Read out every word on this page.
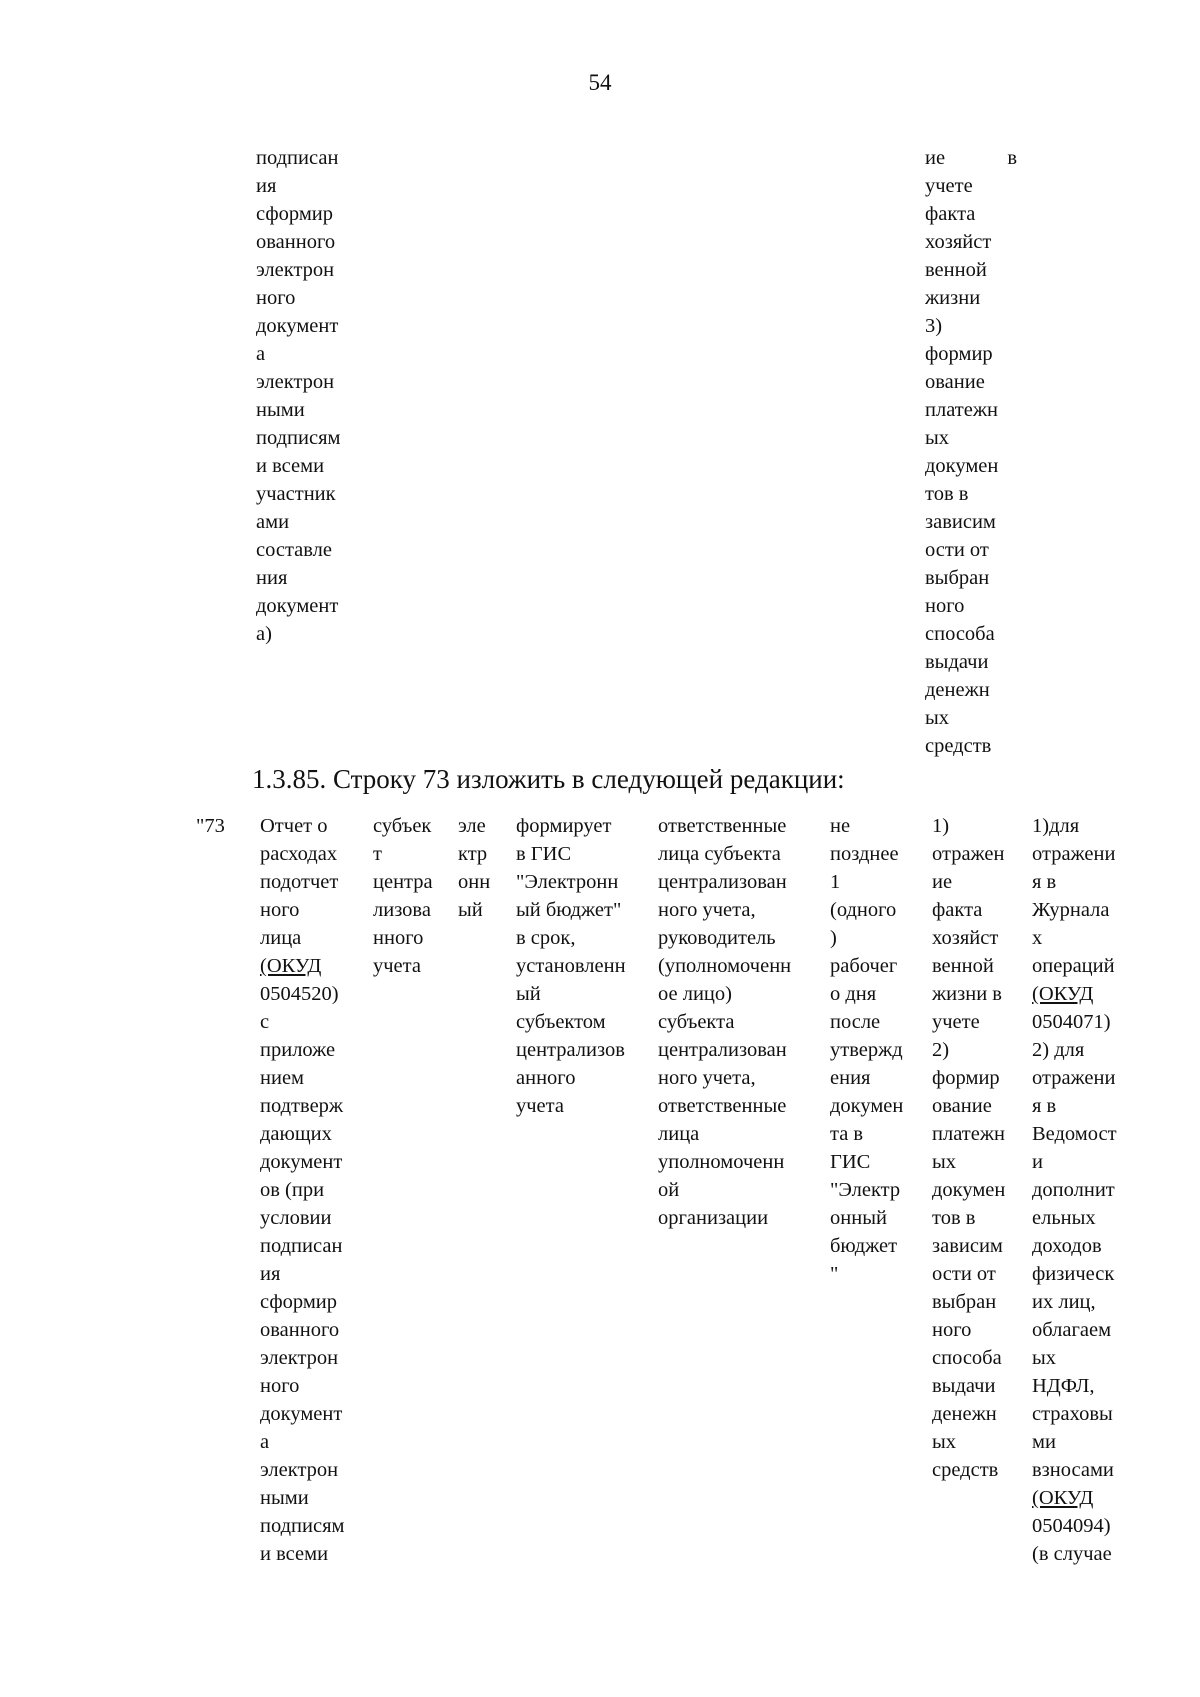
54
подписан
ия
сформир
ованного
электрон
ного
документ
а
электрон
ными
подписям
и всеми
участник
ами
составле
ния
документ
а)
ие	в
учете
факта
хозяйст
венной
жизни
3)
формир
ование
платежн
ых
докумен
тов в
зависим
ости от
выбран
ного
способа
выдачи
денежн
ых
средств
1.3.85. Строку 73 изложить в следующей редакции:
"73 Отчет о
расходах
подотчет
ного
лица
(ОКУД
0504520)
с
приложе
нием
подтверж
дающих
документ
ов (при
условии
подписан
ия
сформир
ованного
электрон
ного
документ
а
электрон
ными
подписям
и всеми
субъек
т
центра
лизова
нного
учета
эле
ктр
онн
ый
формирует
в ГИС
"Электронн
ый бюджет"
в срок,
установленн
ый
субъектом
централизов
анного
учета
ответственные
лица субъекта
централизован
ного учета,
руководитель
(уполномоченн
ое лицо)
субъекта
централизован
ного учета,
ответственные
лица
уполномоченн
ой
организации
не
позднее
1
(одного
)
рабочег
о дня
после
утвержд
ения
докумен
та в
ГИС
"Электр
онный
бюджет
"
1)
отражен
ие
факта
хозяйст
венной
жизни в
учете
2)
формир
ование
платежн
ых
докумен
тов в
зависим
ости от
выбран
ного
способа
выдачи
денежн
ых
средств
1)для
отражени
я в
Журнала
х
операций
(ОКУД
0504071)
2) для
отражени
я в
Ведомост
и
дополнит
ельных
доходов
физическ
их лиц,
облагаем
ых
НДФЛ,
страховы
ми
взносами
(ОКУД
0504094)
(в случае
